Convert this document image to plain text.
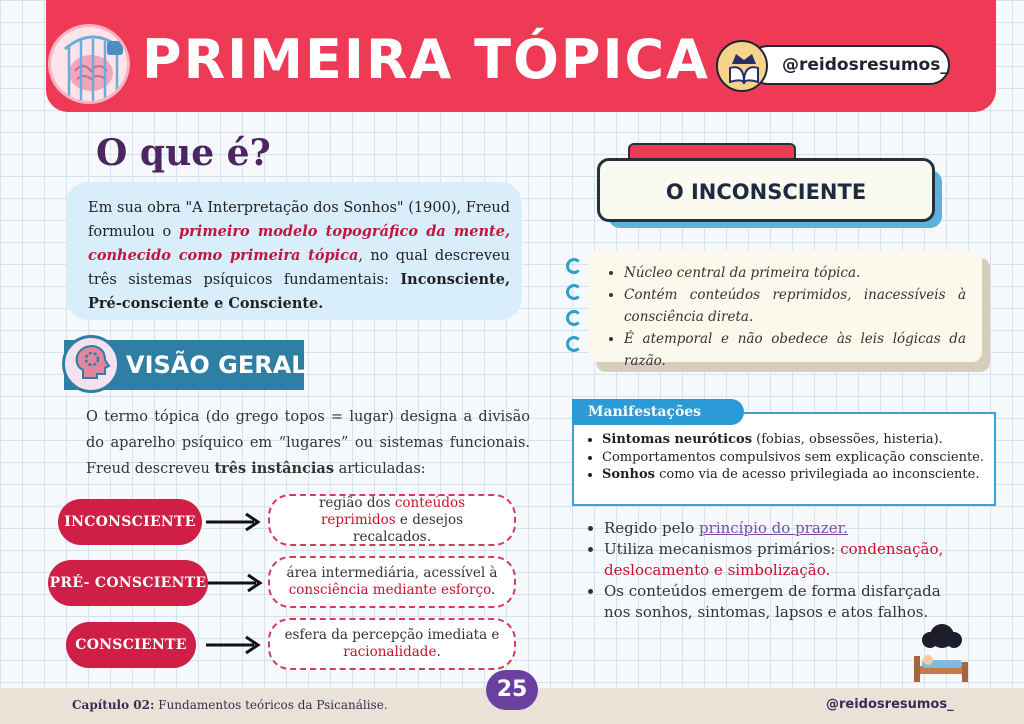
PRIMEIRA TÓPICA	@reidosresumos_
O que é?
Em sua obra "A Interpretação dos Sonhos" (1900), Freud formulou o primeiro modelo topográfico da mente, conhecido como primeira tópica, no qual descreveu três sistemas psíquicos fundamentais: Inconsciente, Pré-consciente e Consciente.
VISÃO GERAL
O termo tópica (do grego topos = lugar) designa a divisão do aparelho psíquico em “lugares” ou sistemas funcionais. Freud descreveu três instâncias articuladas:
INCONSCIENTE
região dos conteúdos reprimidos e desejos recalcados.
PRÉ- CONSCIENTE
área intermediária, acessível à consciência mediante esforço.
CONSCIENTE
esfera da percepção imediata e racionalidade.
O INCONSCIENTE
• Núcleo central da primeira tópica.
• Contém conteúdos reprimidos, inacessíveis à consciência direta.
• É atemporal e não obedece às leis lógicas da razão.
Manifestações
• Sintomas neuróticos (fobias, obsessões, histeria).
• Comportamentos compulsivos sem explicação consciente.
• Sonhos como via de acesso privilegiada ao inconsciente.
• Regido pelo princípio do prazer.
• Utiliza mecanismos primários: condensação, deslocamento e simbolização.
• Os conteúdos emergem de forma disfarçada nos sonhos, sintomas, lapsos e atos falhos.
Capítulo 02: Fundamentos teóricos da Psicanálise.
25
@reidosresumos_
